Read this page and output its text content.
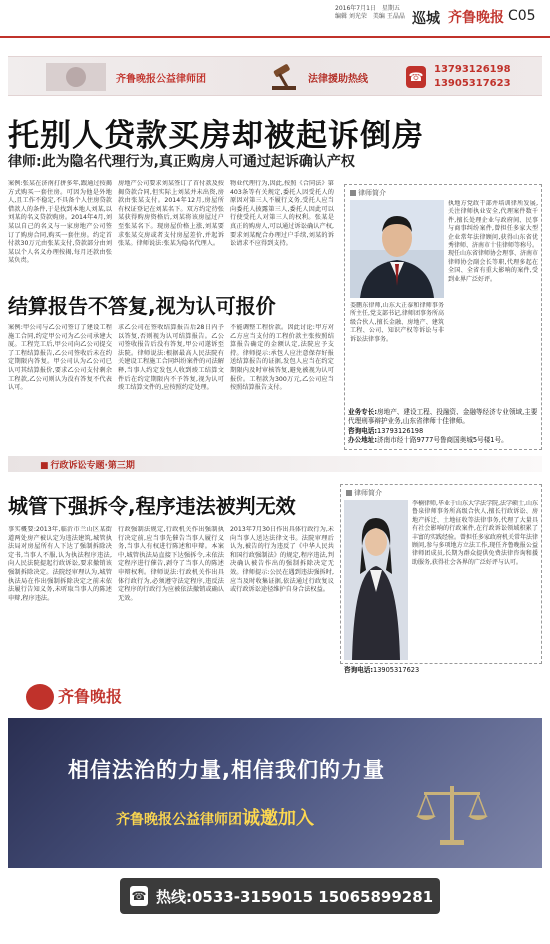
2016年7月1日　星期五
编辑 刘光荣　美编 王晶晶 巡城 齐鲁晚报 C05
齐鲁晚报公益律师团	法律援助热线	☎
13793126198
13905317623
托别人贷款买房却被起诉倒房
律师:此为隐名代理行为,真正购房人可通过起诉确认产权
案例:张某在济南打拼多年,跟通过按揭方式购买一套住房。可因为他是外地人,且工作不稳定,不具备个人住房贷款借款人的条件,于是找到本地人刘某,以刘某的名义贷款购房。2014年4月,刘某以自己的名义与一家房地产公司签订了购房合同,购买一套住房。约定首付款30万元由张某支付,贷款部分由刘某以个人名义办理按揭,每月还款由张某负责。
房地产公司要求刘某签订了首付款及按揭贷款合同,但实际上刘某并未出资,房款由张某支付。2014年12月,房屋所有权证登记在刘某名下。双方约定待张某获得购房资格后,刘某将该房屋过户至张某名下。现房屋价格上涨,刘某要求张某交房或者支付房屋差价,并起诉张某。律师说法:张某为隐名代理人。
物业代理行为,因此,按照《合同法》第403条等有关规定,委托人因受托人的原因对第三人不履行义务,受托人应当向委托人披露第三人,委托人因此可以行使受托人对第三人的权利。张某是真正的购房人,可以通过诉讼确认产权,要求刘某配合办理过户手续,刘某的诉讼请求不应得到支持。
律师简介
执地方党政干部并培训律所发展,关注律师执业安全,代理案件数千件,擅长处理企业与政府间、民事与商事纠纷案件,曾担任多家大型企业常年法律顾问,获得山东省优秀律师、济南市十佳律师等称号。现任山东省律师协会理事、济南市律师协会副会长等职,代理多起在全国、全省有重大影响的案件,受到业界广泛好评。
娄鹏东律师,山东大正泰和律师事务所主任,党支部书记,律师团事务所高级合伙人,擅长金融、房地产、建筑工程、公司、知识产权等诉讼与非诉讼法律事务。
业务专长:房地产、建设工程、投融资、金融等经济专业领域,主要代理刑事辩护业务,山东省律师十佳律师。
咨询电话:13793126198
办公地址:济南市经十路9777号鲁商国奥城5号楼1号。
结算报告不答复,视为认可报价
案例:甲公司与乙公司签订了建设工程施工合同,约定甲公司为乙公司承建大厦。工程完工后,甲公司向乙公司提交了工程结算报告,乙公司签收后未在约定期限内答复。甲公司认为乙公司已认可其结算报价,要求乙公司支付剩余工程款,乙公司则认为没有答复不代表认可。
求乙公司在签收结算报告后28日内予以答复,否则视为认可结算报告。乙公司签收报告后没有答复,甲公司遂诉至法院。律师说法:根据最高人民法院有关建设工程施工合同纠纷案件的司法解释,当事人约定发包人收到竣工结算文件后在约定期限内不予答复,视为认可竣工结算文件的,应按照约定处理。
不能调整工程价款。因此讨论:甲方对乙方应当支付的工程价款主张按照结算报告确定的金额认定,法院应予支持。律师提示:承包人应注意保存好报送结算报告的证据,发包人应当在约定期限内及时审核答复,避免被视为认可报价。工程款为300万元,乙公司应当按照结算报告支付。
■ 行政诉讼专题·第三期
城管下强拆令,程序违法被判无效
事实概要:2013年,临沂市兰山区某街道两处房产被认定为违法建筑,城管执法局对房屋所有人下达了强制拆除决定书,当事人不服,认为执法程序违法,向人民法院提起行政诉讼,要求撤销该强制拆除决定。法院经审理认为,城管执法局在作出强制拆除决定之前未依法履行告知义务,未听取当事人的陈述申辩,程序违法。
行政强制法规定,行政机关作出强制执行决定前,应当事先催告当事人履行义务,当事人有权进行陈述和申辩。本案中,城管执法局直接下达强拆令,未依法定程序进行催告,剥夺了当事人的陈述申辩权利。律师说法:行政机关作出具体行政行为,必须遵守法定程序,违反法定程序的行政行为应被依法撤销或确认无效。
2013年7月30日作出具体行政行为,未向当事人送达法律文书。法院审理后认为,被告的行为违反了《中华人民共和国行政强制法》的规定,程序违法,判决确认被告作出的强制拆除决定无效。律师提示:公民在遇到违法强拆时,应当及时收集证据,依法通过行政复议或行政诉讼途径维护自身合法权益。
律师简介
李楠律师,毕业于山东大学法学院,法学硕士,山东鲁泉律师事务所高级合伙人,擅长行政诉讼、房地产拆迁、土地征收等法律事务,代理了大量具有社会影响的行政案件,在行政诉讼领域积累了丰富的实践经验。曾担任多家政府机关常年法律顾问,参与多项地方立法工作,现任齐鲁晚报公益律师团成员,长期为群众提供免费法律咨询和援助服务,获得社会各界的广泛好评与认可。
咨询电话:13905317623
齐鲁晚报
相信法治的力量,相信我们的力量
齐鲁晚报公益律师团诚邀加入
☎ 热线:0533-3159015 15065899281
